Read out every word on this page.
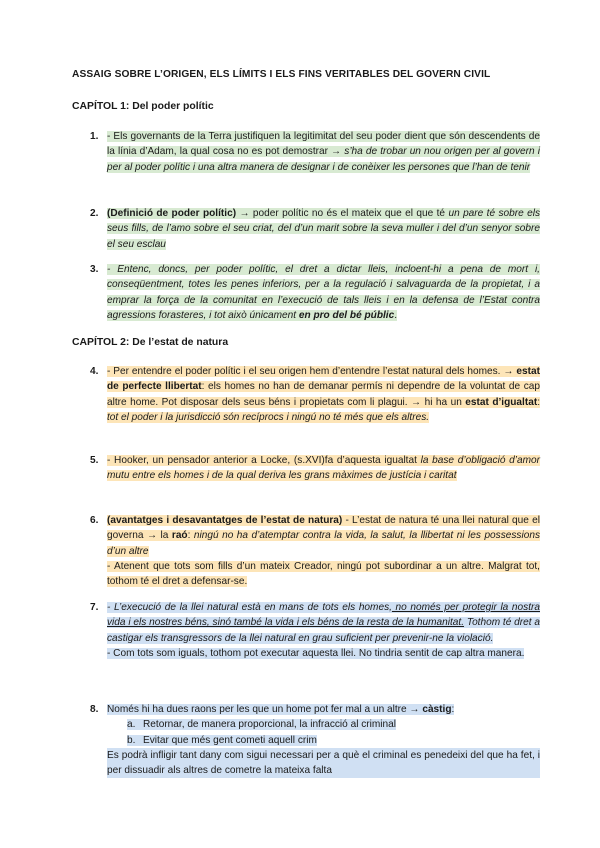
ASSAIG SOBRE L’ORIGEN, ELS LÍMITS I ELS FINS VERITABLES DEL GOVERN CIVIL
CAPÍTOL 1: Del poder polític
1. - Els governants de la Terra justifiquen la legitimitat del seu poder dient que són descendents de la línia d’Adam, la qual cosa no es pot demostrar → s’ha de trobar un nou origen per al govern i per al poder polític i una altra manera de designar i de conèixer les persones que l’han de tenir
2. (Definició de poder polític) → poder polític no és el mateix que el que té un pare té sobre els seus fills, de l’amo sobre el seu criat, del d’un marit sobre la seva muller i del d’un senyor sobre el seu esclau
3. - Entenc, doncs, per poder polític, el dret a dictar lleis, incloent-hi a pena de mort i, conseqüentment, totes les penes inferiors, per a la regulació i salvaguarda de la propietat, i a emprar la força de la comunitat en l’execució de tals lleis i en la defensa de l’Estat contra agressions forasteres, i tot això únicament en pro del bé públic.
CAPÍTOL 2: De l’estat de natura
4. - Per entendre el poder polític i el seu origen hem d’entendre l’estat natural dels homes. → estat de perfecte llibertat: els homes no han de demanar permís ni dependre de la voluntat de cap altre home. Pot disposar dels seus béns i propietats com li plagui. → hi ha un estat d’igualtat: tot el poder i la jurisdicció són recíprocs i ningú no té més que els altres.
5. - Hooker, un pensador anterior a Locke, (s.XVI)fa d’aquesta igualtat la base d’obligació d’amor mutu entre els homes i de la qual deriva les grans màximes de justícia i caritat
6. (avantatges i desavantatges de l’estat de natura) - L’estat de natura té una llei natural que el governa → la raó: ningú no ha d’atemptar contra la vida, la salut, la llibertat ni les possessions d’un altre
- Atenent que tots som fills d’un mateix Creador, ningú pot subordinar a un altre. Malgrat tot, tothom té el dret a defensar-se.
7. - L’execució de la llei natural està en mans de tots els homes, no només per protegir la nostra vida i els nostres béns, sinó també la vida i els béns de la resta de la humanitat. Tothom té dret a castigar els transgressors de la llei natural en grau suficient per prevenir-ne la violació.
- Com tots som iguals, tothom pot executar aquesta llei. No tindria sentit de cap altra manera.
8. Només hi ha dues raons per les que un home pot fer mal a un altre → càstig:
a. Retornar, de manera proporcional, la infracció al criminal
b. Evitar que més gent cometi aquell crim
Es podrà infligir tant dany com sigui necessari per a què el criminal es penedeixi del que ha fet, i per dissuadir als altres de cometre la mateixa falta
